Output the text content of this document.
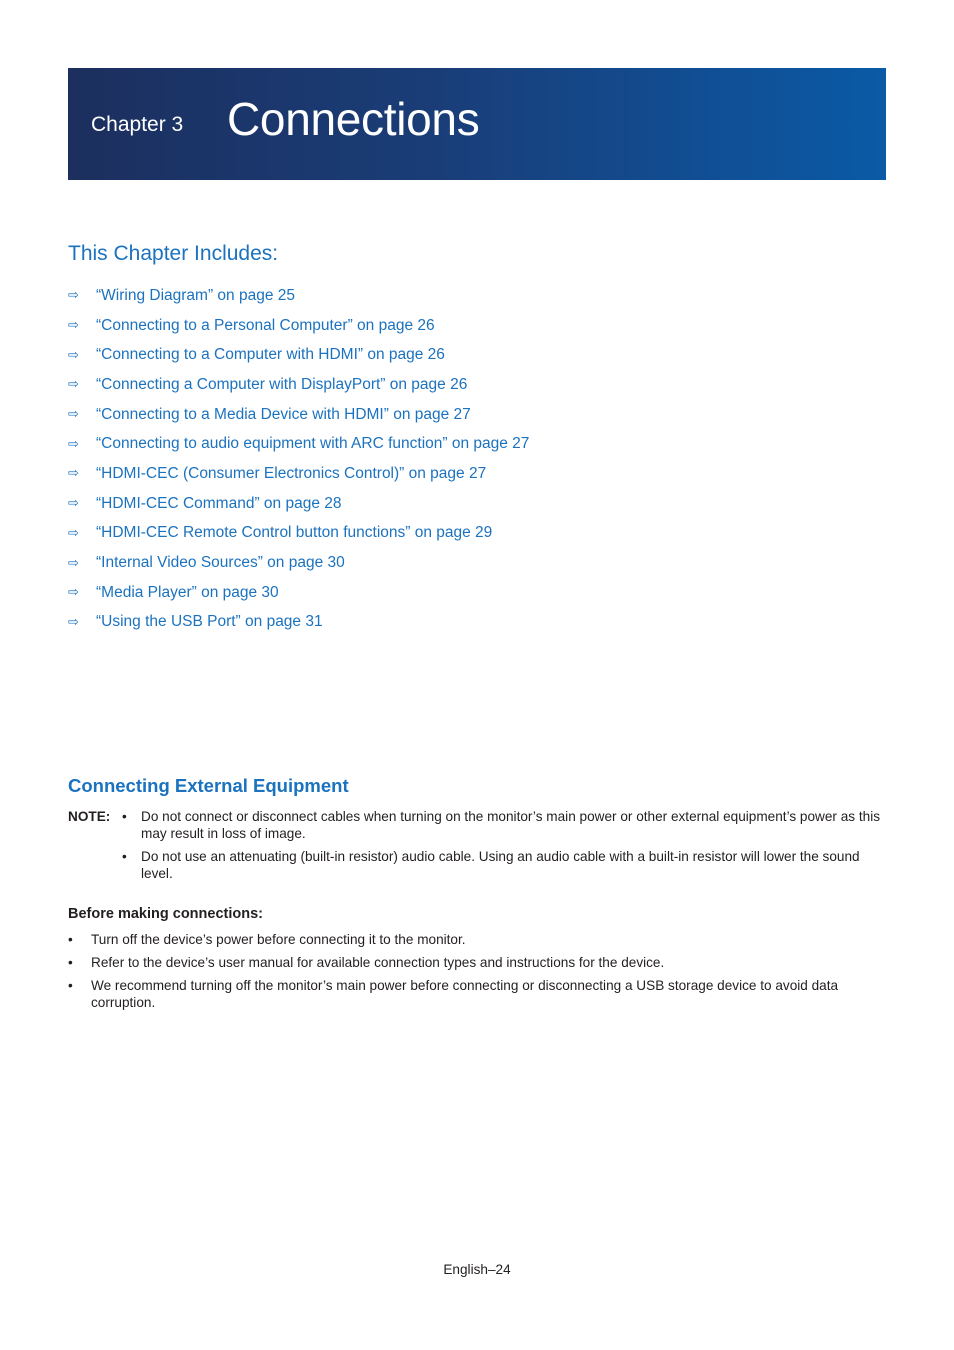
Chapter 3 Connections
This Chapter Includes:
⇨	“Wiring Diagram” on page 25
⇨	“Connecting to a Personal Computer” on page 26
⇨	“Connecting to a Computer with HDMI” on page 26
⇨	“Connecting a Computer with DisplayPort” on page 26
⇨	“Connecting to a Media Device with HDMI” on page 27
⇨	“Connecting to audio equipment with ARC function” on page 27
⇨	“HDMI-CEC (Consumer Electronics Control)” on page 27
⇨	“HDMI-CEC Command” on page 28
⇨	“HDMI-CEC Remote Control button functions” on page 29
⇨	“Internal Video Sources” on page 30
⇨	“Media Player” on page 30
⇨	“Using the USB Port” on page 31
Connecting External Equipment
NOTE: • Do not connect or disconnect cables when turning on the monitor’s main power or other external equipment’s power as this may result in loss of image.
• Do not use an attenuating (built-in resistor) audio cable. Using an audio cable with a built-in resistor will lower the sound level.
Before making connections:
• Turn off the device’s power before connecting it to the monitor.
• Refer to the device’s user manual for available connection types and instructions for the device.
• We recommend turning off the monitor’s main power before connecting or disconnecting a USB storage device to avoid data corruption.
English–24
